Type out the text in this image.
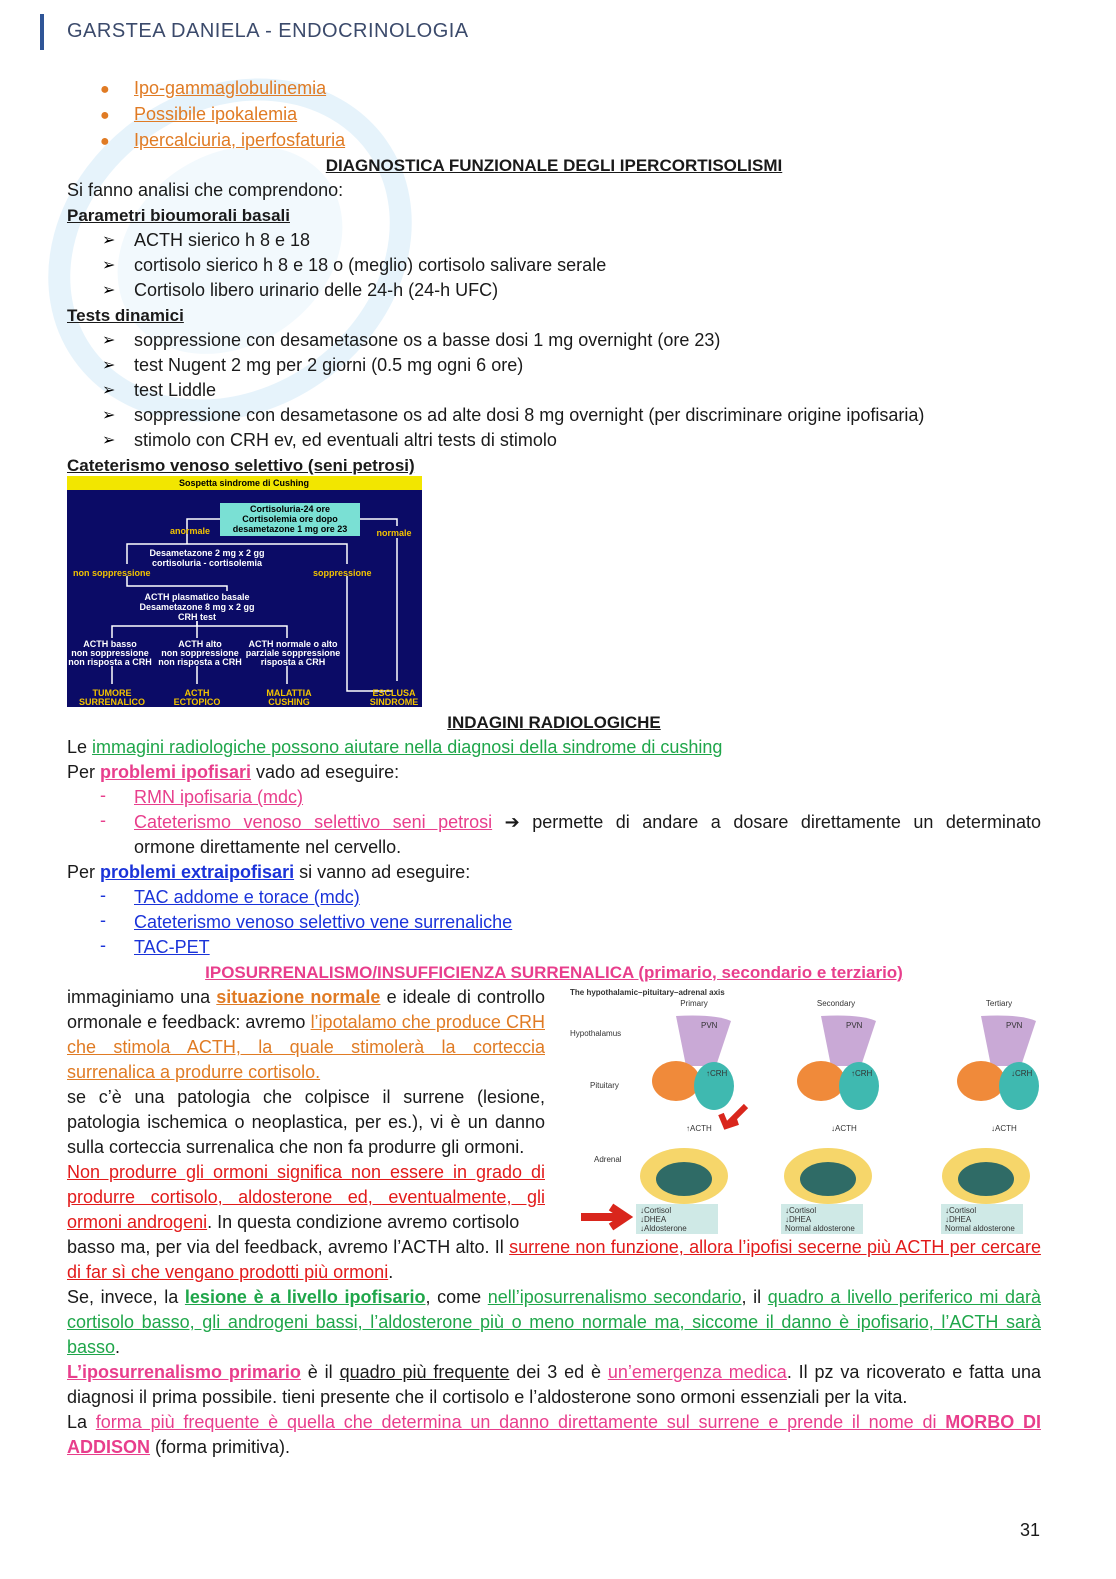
GARSTEA DANIELA - ENDOCRINOLOGIA
● Ipo-gammaglobulinemia
● Possibile ipokalemia
● Ipercalciuria, iperfosfaturia
DIAGNOSTICA FUNZIONALE DEGLI IPERCORTISOLISMI
Si fanno analisi che comprendono:
Parametri bioumorali basali
➢ ACTH sierico h 8 e 18
➢ cortisolo sierico h 8 e 18 o (meglio) cortisolo salivare serale
➢ Cortisolo libero urinario delle 24-h (24-h UFC)
Tests dinamici
➢ soppressione con desametasone os a basse dosi 1 mg overnight (ore 23)
➢ test Nugent 2 mg per 2 giorni (0.5 mg ogni 6 ore)
➢ test Liddle
➢ soppressione con desametasone os ad alte dosi 8 mg overnight (per discriminare origine ipofisaria)
➢ stimolo con CRH ev, ed eventuali altri tests di stimolo
Cateterismo venoso selettivo (seni petrosi)
Sospetta sindrome di Cushing
Cortisoluria-24 ore
Cortisolemia ore dopo
desametazone 1 mg ore 23
anormale	normale
Desametazone 2 mg x 2 gg
cortisoluria - cortisolemia
non soppressione	soppressione
ACTH plasmatico basale
Desametazone 8 mg x 2 gg
CRH test
ACTH basso
non soppressione
non risposta a CRH
ACTH alto
non soppressione
non risposta a CRH
ACTH normale o alto
parziale soppressione
risposta a CRH
TUMORE
SURRENALICO
ACTH
ECTOPICO
MALATTIA
CUSHING
ESCLUSA
SINDROME
INDAGINI RADIOLOGICHE
Le immagini radiologiche possono aiutare nella diagnosi della sindrome di cushing
Per problemi ipofisari vado ad eseguire:
- RMN ipofisaria (mdc)
- Cateterismo venoso selettivo seni petrosi ➔ permette di andare a dosare direttamente un determinato
ormone direttamente nel cervello.
Per problemi extraipofisari si vanno ad eseguire:
- TAC addome e torace (mdc)
- Cateterismo venoso selettivo vene surrenaliche
- TAC-PET
IPOSURRENALISMO/INSUFFICIENZA SURRENALICA (primario, secondario e terziario)
immaginiamo una situazione normale e ideale di controllo ormonale e feedback: avremo l’ipotalamo che produce CRH che stimola ACTH, la quale stimolerà la corteccia surrenalica a produrre cortisolo.
se c’è una patologia che colpisce il surrene (lesione, patologia ischemica o neoplastica, per es.), vi è un danno sulla corteccia surrenalica che non fa produrre gli ormoni.
Non produrre gli ormoni significa non essere in grado di produrre cortisolo, aldosterone ed, eventualmente, gli ormoni androgeni. In questa condizione avremo cortisolo
The hypothalamic–pituitary–adrenal axis
Primary	Secondary	Tertiary
Hypothalamus
Pituitary
Adrenal
PVN
↑CRH
↑ACTH
↓Cortisol
↓DHEA
↓Aldosterone
PVN
↑CRH
↓ACTH
↓Cortisol
↓DHEA
Normal aldosterone
PVN
↓CRH
↓ACTH
↓Cortisol
↓DHEA
Normal aldosterone
basso ma, per via del feedback, avremo l’ACTH alto. Il surrene non funzione, allora l’ipofisi secerne più ACTH per cercare di far sì che vengano prodotti più ormoni.
Se, invece, la lesione è a livello ipofisario, come nell’iposurrenalismo secondario, il quadro a livello periferico mi darà cortisolo basso, gli androgeni bassi, l’aldosterone più o meno normale ma, siccome il danno è ipofisario, l’ACTH sarà basso.
L’iposurrenalismo primario è il quadro più frequente dei 3 ed è un’emergenza medica. Il pz va ricoverato e fatta una diagnosi il prima possibile. tieni presente che il cortisolo e l’aldosterone sono ormoni essenziali per la vita.
La forma più frequente è quella che determina un danno direttamente sul surrene e prende il nome di MORBO DI ADDISON (forma primitiva).
31
